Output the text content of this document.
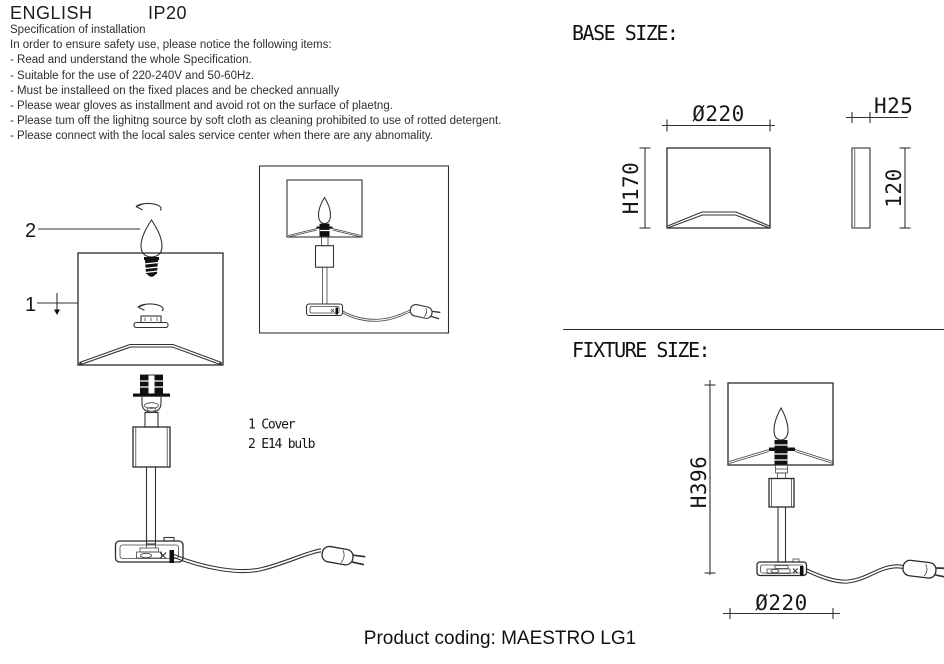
ENGLISH	IP20
Specification of installation
In order to ensure safety use, please notice the following items:
- Read and understand the whole Specification.
- Suitable for the use of 220-240V and 50-60Hz.
- Must be installeed on the fixed places and be checked annually
- Please wear gloves as installment and avoid rot on the surface of plaetng.
- Please tum off the lighitng source by soft cloth as cleaning prohibited to use of rotted detergent.
- Please connect with the local sales service center when there are any abnomality.
2
1
1 Cover
2 E14 bulb
BASE SIZE:
Ø220
H170
H25
120
FIXTURE SIZE:
H396
Ø220
Product coding: MAESTRO LG1
